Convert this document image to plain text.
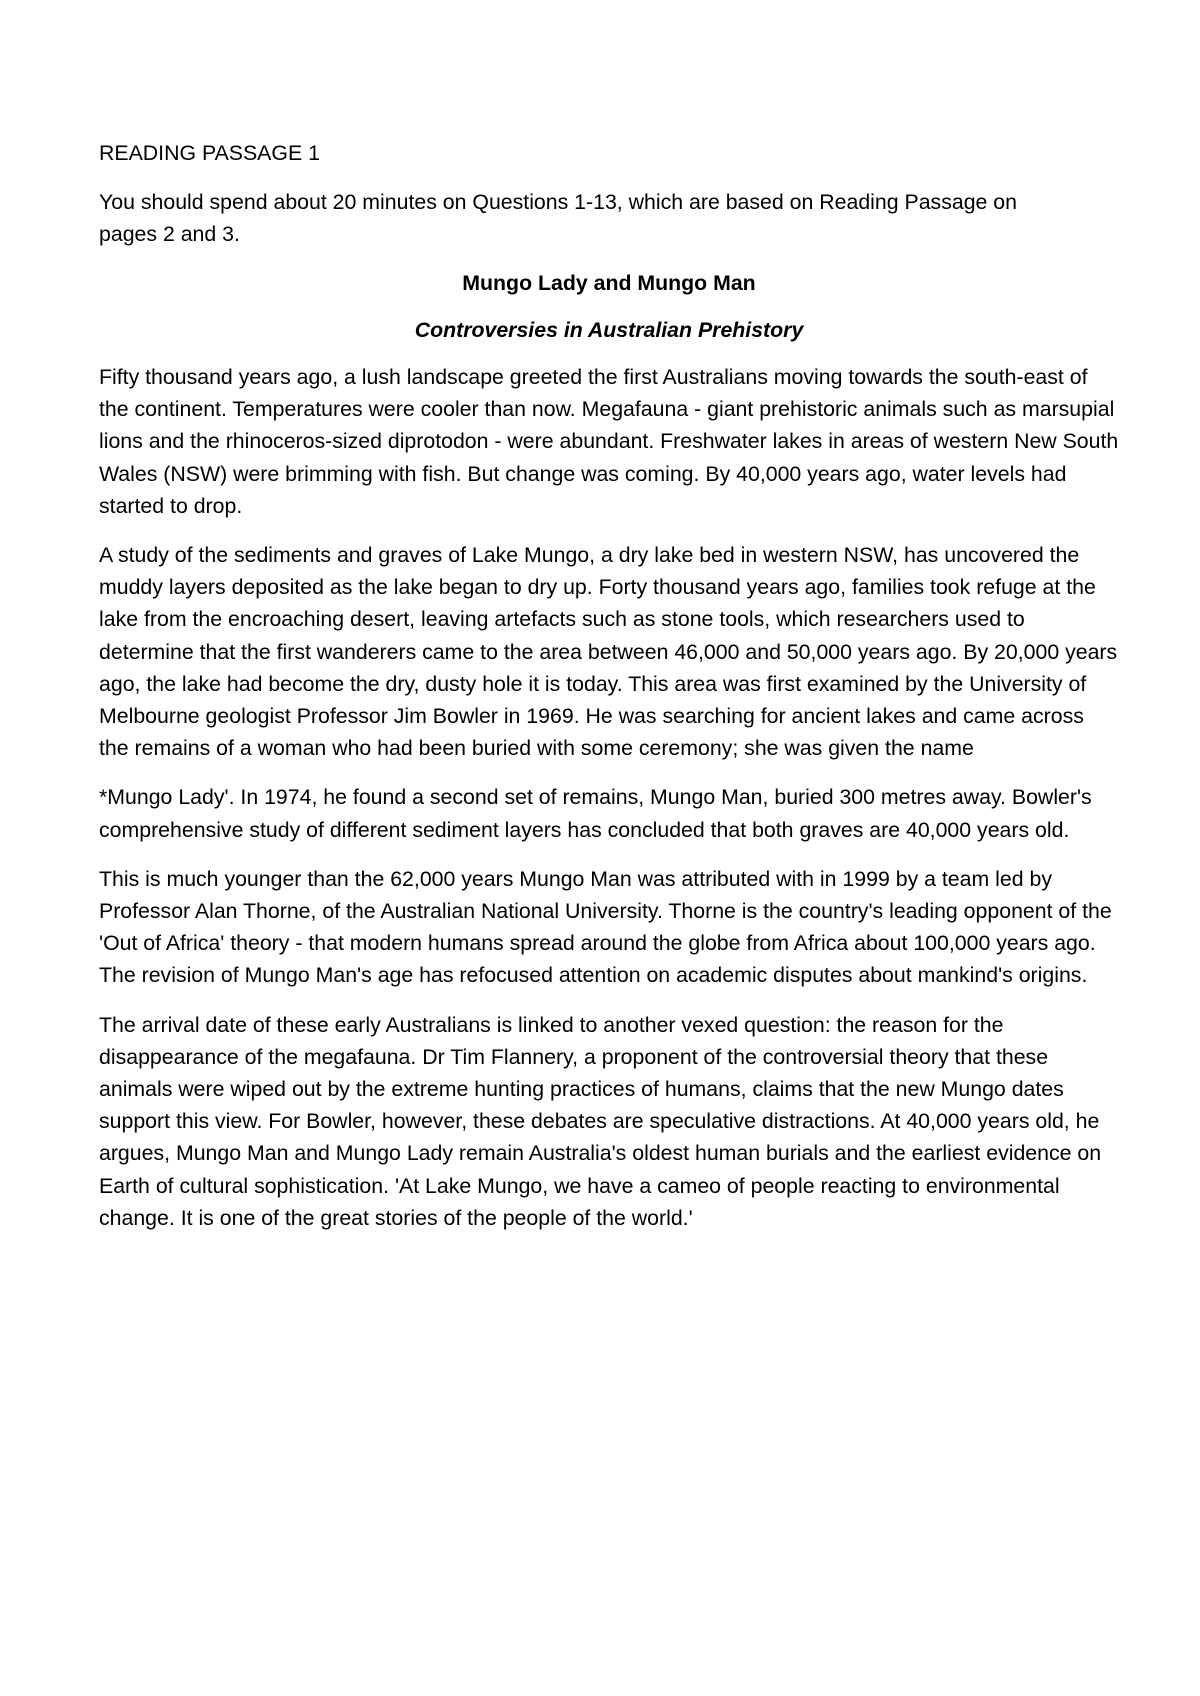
READING PASSAGE 1

You should spend about 20 minutes on Questions 1-13, which are based on Reading Passage on pages 2 and 3.

Mungo Lady and Mungo Man

Controversies in Australian Prehistory

Fifty thousand years ago, a lush landscape greeted the first Australians moving towards the south-east of the continent. Temperatures were cooler than now. Megafauna - giant prehistoric animals such as marsupial lions and the rhinoceros-sized diprotodon - were abundant. Freshwater lakes in areas of western New South Wales (NSW) were brimming with fish. But change was coming. By 40,000 years ago, water levels had started to drop.

A study of the sediments and graves of Lake Mungo, a dry lake bed in western NSW, has uncovered the muddy layers deposited as the lake began to dry up. Forty thousand years ago, families took refuge at the lake from the encroaching desert, leaving artefacts such as stone tools, which researchers used to determine that the first wanderers came to the area between 46,000 and 50,000 years ago. By 20,000 years ago, the lake had become the dry, dusty hole it is today. This area was first examined by the University of Melbourne geologist Professor Jim Bowler in 1969. He was searching for ancient lakes and came across the remains of a woman who had been buried with some ceremony; she was given the name

*Mungo Lady'. In 1974, he found a second set of remains, Mungo Man, buried 300 metres away. Bowler's comprehensive study of different sediment layers has concluded that both graves are 40,000 years old.

This is much younger than the 62,000 years Mungo Man was attributed with in 1999 by a team led by Professor Alan Thorne, of the Australian National University. Thorne is the country's leading opponent of the 'Out of Africa' theory - that modern humans spread around the globe from Africa about 100,000 years ago. The revision of Mungo Man's age has refocused attention on academic disputes about mankind's origins.

The arrival date of these early Australians is linked to another vexed question: the reason for the disappearance of the megafauna. Dr Tim Flannery, a proponent of the controversial theory that these animals were wiped out by the extreme hunting practices of humans, claims that the new Mungo dates support this view. For Bowler, however, these debates are speculative distractions. At 40,000 years old, he argues, Mungo Man and Mungo Lady remain Australia's oldest human burials and the earliest evidence on Earth of cultural sophistication. 'At Lake Mungo, we have a cameo of people reacting to environmental change. It is one of the great stories of the people of the world.'
